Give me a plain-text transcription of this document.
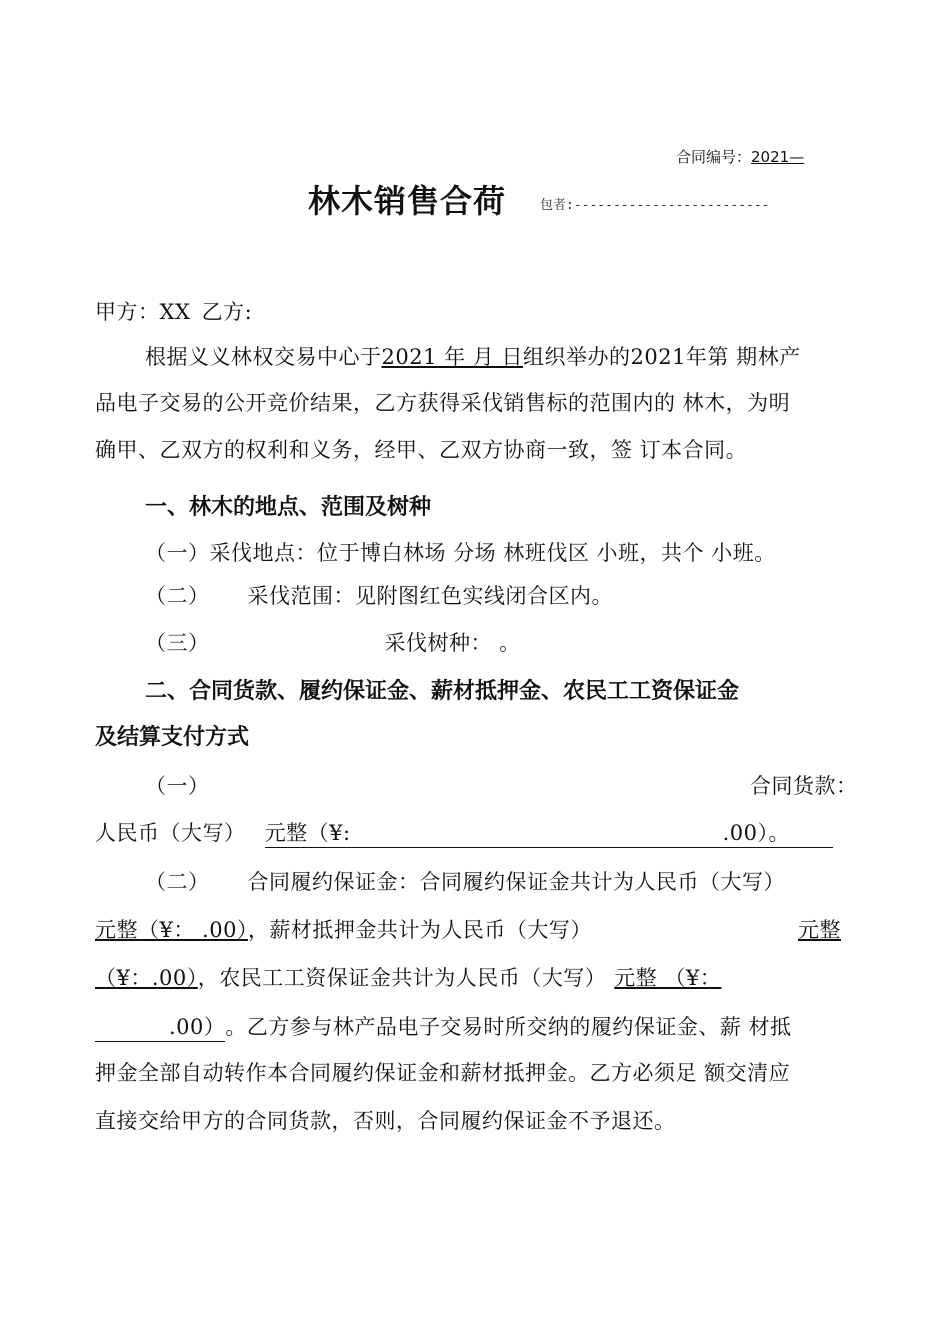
合同编号：2021—
林木销售合荷	包者:-------------------------
甲方：XX 乙方:
根据义义林权交易中心于2021 年 月 日组织举办的2021年第 期林产
品电子交易的公开竞价结果，乙方获得采伐销售标的范围内的 林木，为明
确甲、乙双方的权利和义务，经甲、乙双方协商一致，签 订本合同。
一、林木的地点、范围及树种
（一）采伐地点：位于博白林场 分场 林班伐区 小班，共个 小班。
（二） 采伐范围：见附图红色实线闭合区内。
（三）	采伐树种： 。
二、合同货款、履约保证金、薪材抵押金、农民工工资保证金
及结算支付方式
（一）	合同货款：
人民币（大写） 元整（¥:	.00）。
（二） 合同履约保证金：合同履约保证金共计为人民币（大写）
元整（¥： .00），薪材抵押金共计为人民币（大写）	元整
（¥：.00），农民工工资保证金共计为人民币（大写） 元整 （¥：
.00）。乙方参与林产品电子交易时所交纳的履约保证金、薪 材抵
押金全部自动转作本合同履约保证金和薪材抵押金。乙方必须足 额交清应
直接交给甲方的合同货款，否则，合同履约保证金不予退还。
